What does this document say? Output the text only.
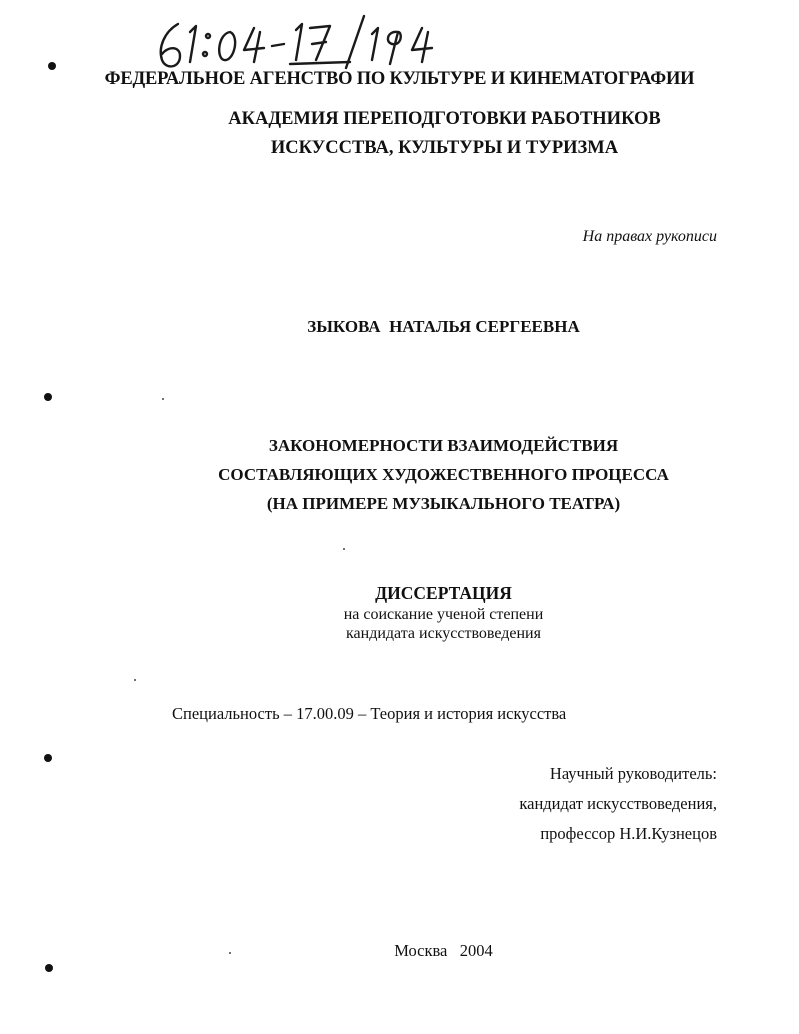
ФЕДЕРАЛЬНОЕ АГЕНСТВО ПО КУЛЬТУРЕ И КИНЕМАТОГРАФИИ
АКАДЕМИЯ ПЕРЕПОДГОТОВКИ РАБОТНИКОВ
ИСКУССТВА, КУЛЬТУРЫ И ТУРИЗМА
На правах рукописи
ЗЫКОВА  НАТАЛЬЯ СЕРГЕЕВНА
ЗАКОНОМЕРНОСТИ ВЗАИМОДЕЙСТВИЯ
СОСТАВЛЯЮЩИХ ХУДОЖЕСТВЕННОГО ПРОЦЕССА
(НА ПРИМЕРЕ МУЗЫКАЛЬНОГО ТЕАТРА)
ДИССЕРТАЦИЯ
на соискание ученой степени
кандидата искусствоведения
Специальность – 17.00.09 – Теория и история искусства
Научный руководитель:
кандидат искусствоведения,
профессор Н.И.Кузнецов
Москва   2004
